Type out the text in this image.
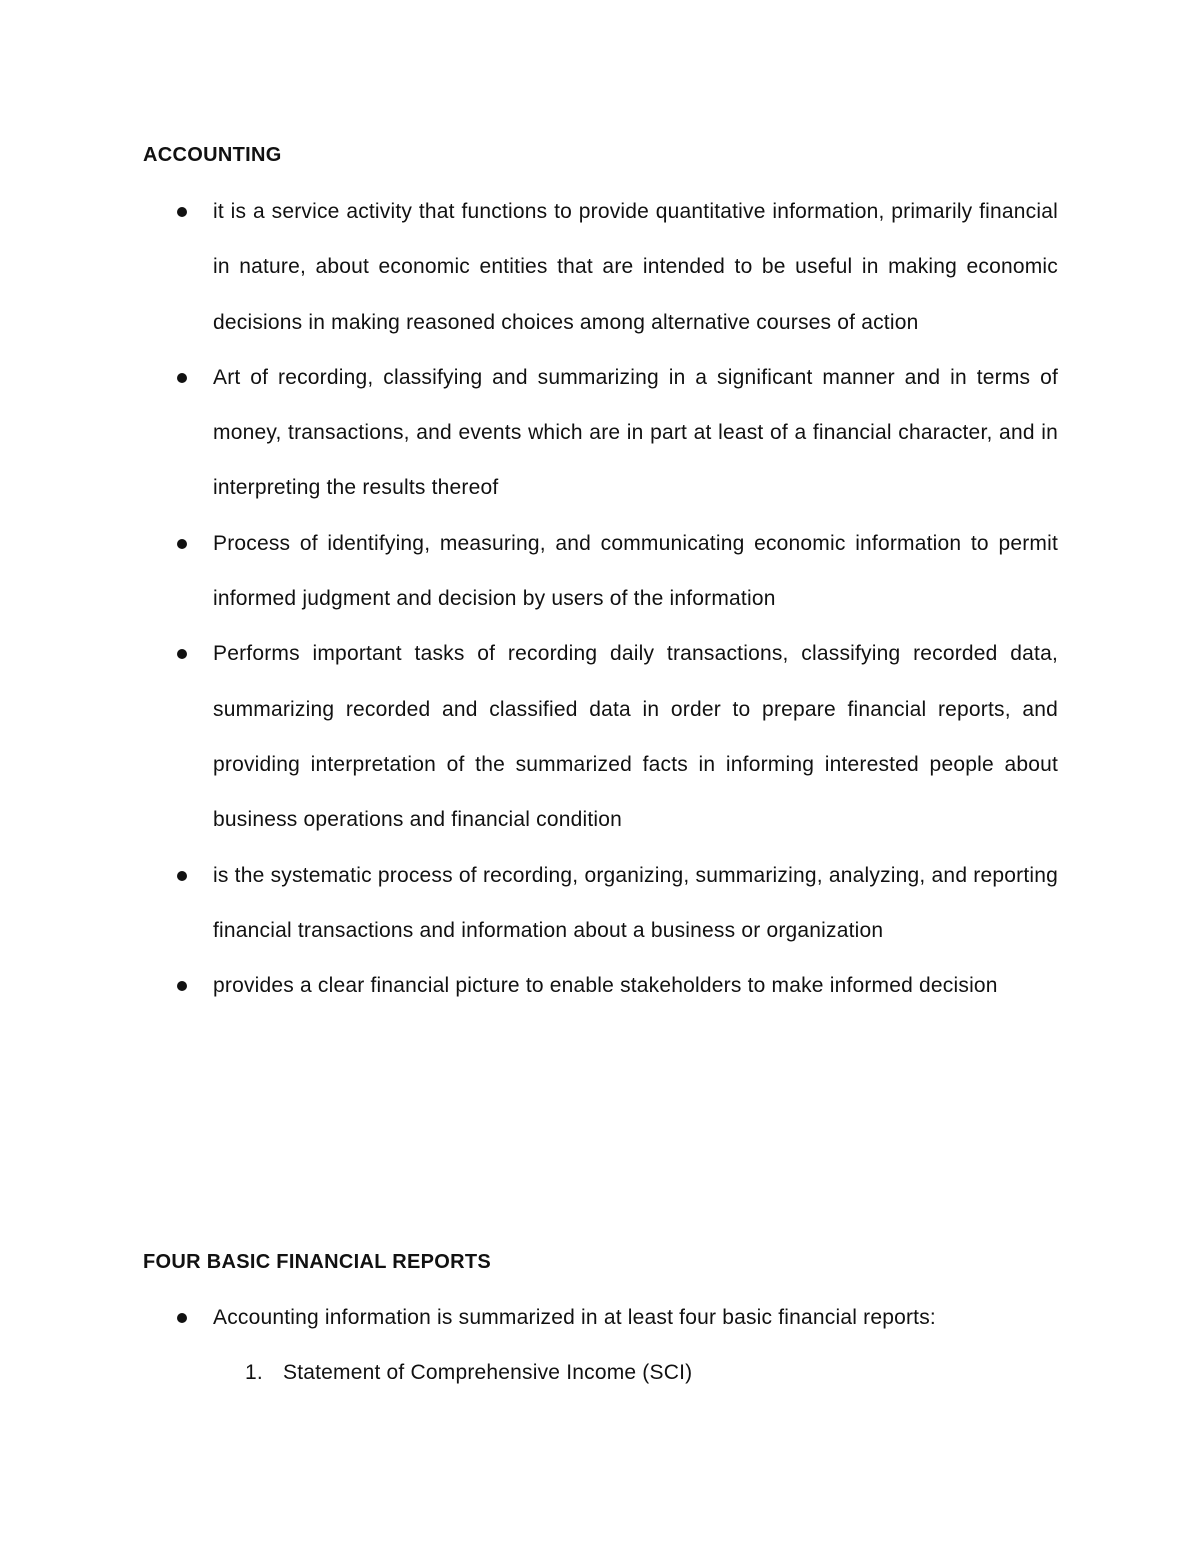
ACCOUNTING
it is a service activity that functions to provide quantitative information, primarily financial in nature, about economic entities that are intended to be useful in making economic decisions in making reasoned choices among alternative courses of action
Art of recording, classifying and summarizing in a significant manner and in terms of money, transactions, and events which are in part at least of a financial character, and in interpreting the results thereof
Process of identifying, measuring, and communicating economic information to permit informed judgment and decision by users of the information
Performs important tasks of recording daily transactions, classifying recorded data, summarizing recorded and classified data in order to prepare financial reports, and providing interpretation of the summarized facts in informing interested people about business operations and financial condition
is the systematic process of recording, organizing, summarizing, analyzing, and reporting financial transactions and information about a business or organization
provides a clear financial picture to enable stakeholders to make informed decision
FOUR BASIC FINANCIAL REPORTS
Accounting information is summarized in at least four basic financial reports:
1. Statement of Comprehensive Income (SCI)
